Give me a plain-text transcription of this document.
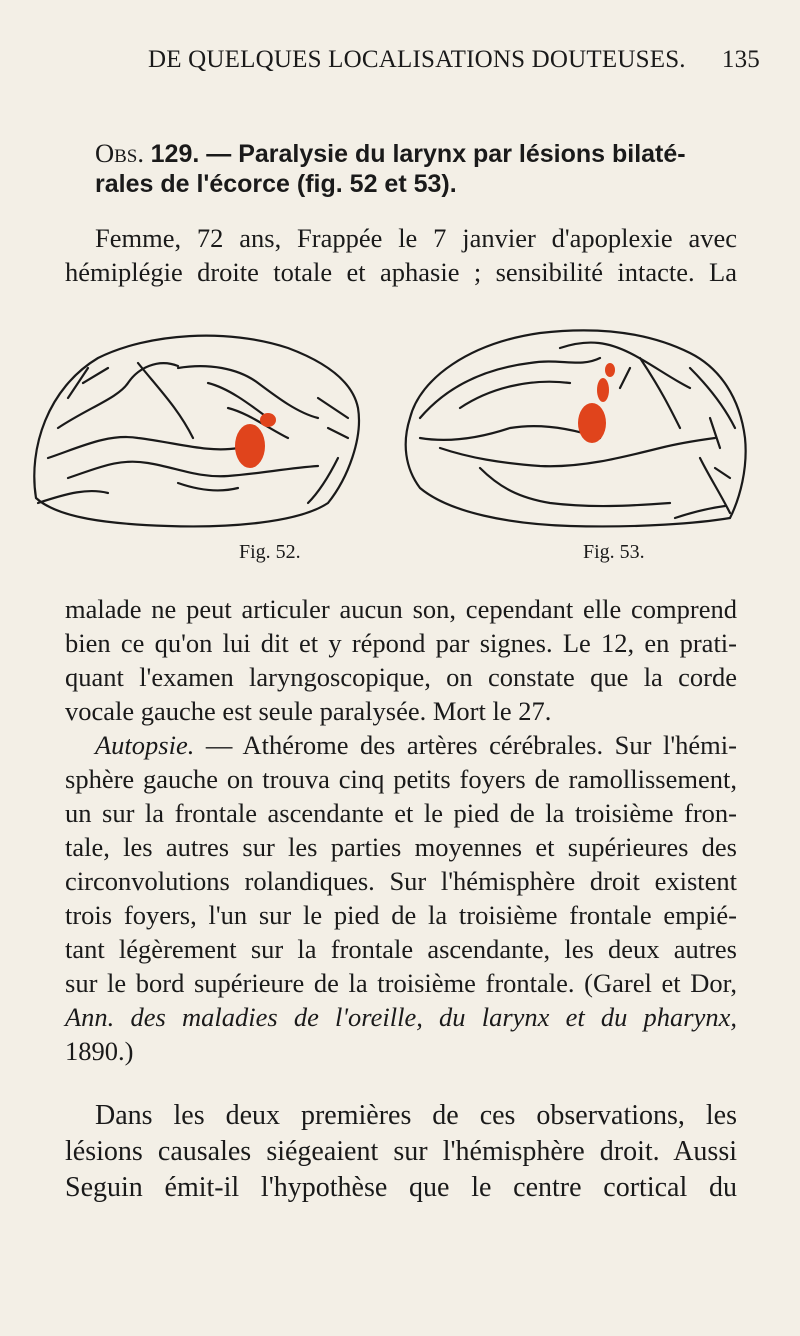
DE QUELQUES LOCALISATIONS DOUTEUSES. 135
Obs. 129. — Paralysie du larynx par lésions bilaté-
rales de l'écorce (fig. 52 et 53).
Femme, 72 ans, Frappée le 7 janvier d'apoplexie avec
hémiplégie droite totale et aphasie ; sensibilité intacte. La
Fig. 52.	Fig. 53.
malade ne peut articuler aucun son, cependant elle comprend
bien ce qu'on lui dit et y répond par signes. Le 12, en prati-
quant l'examen laryngoscopique, on constate que la corde
vocale gauche est seule paralysée. Mort le 27.
Autopsie. — Athérome des artères cérébrales. Sur l'hémi-
sphère gauche on trouva cinq petits foyers de ramollissement,
un sur la frontale ascendante et le pied de la troisième fron-
tale, les autres sur les parties moyennes et supérieures des
circonvolutions rolandiques. Sur l'hémisphère droit existent
trois foyers, l'un sur le pied de la troisième frontale empié-
tant légèrement sur la frontale ascendante, les deux autres
sur le bord supérieure de la troisième frontale. (Garel et Dor,
Ann. des maladies de l'oreille, du larynx et du pharynx,
1890.)
Dans les deux premières de ces observations, les
lésions causales siégeaient sur l'hémisphère droit. Aussi
Seguin émit-il l'hypothèse que le centre cortical du
